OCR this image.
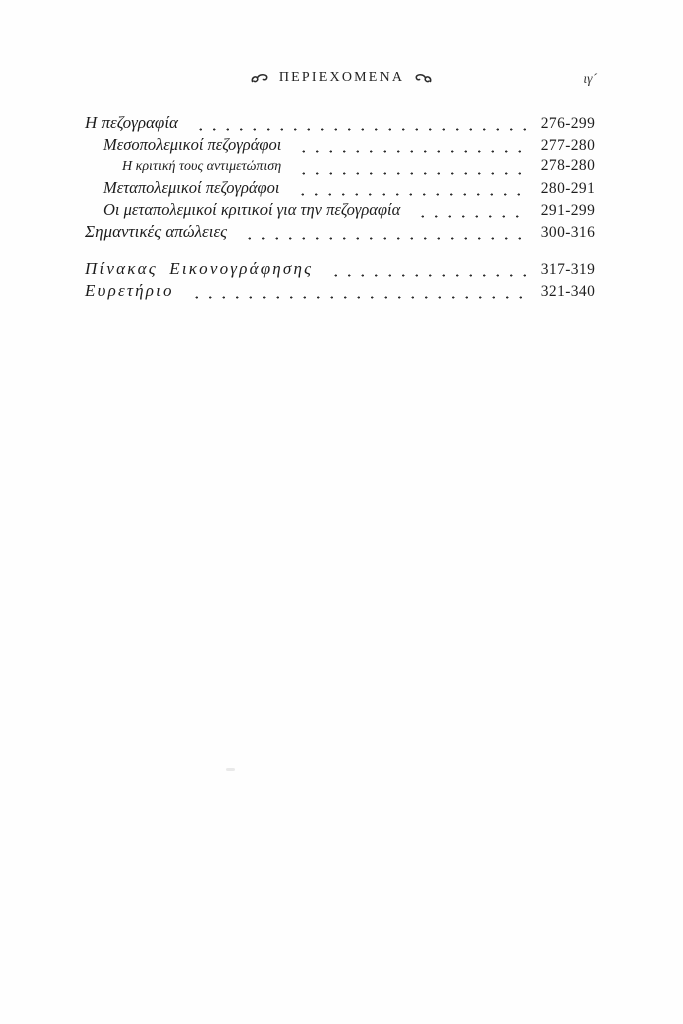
ΠΕΡΙΕΧΟΜΕΝΑ	ιγ´
Η πεζογραφία	276-299
Μεσοπολεμικοί πεζογράφοι	277-280
Η κριτική τους αντιμετώπιση	278-280
Μεταπολεμικοί πεζογράφοι	280-291
Οι μεταπολεμικοί κριτικοί για την πεζογραφία	291-299
Σημαντικές απώλειες	300-316
Πίνακας Εικονογράφησης	317-319
Ευρετήριο	321-340
